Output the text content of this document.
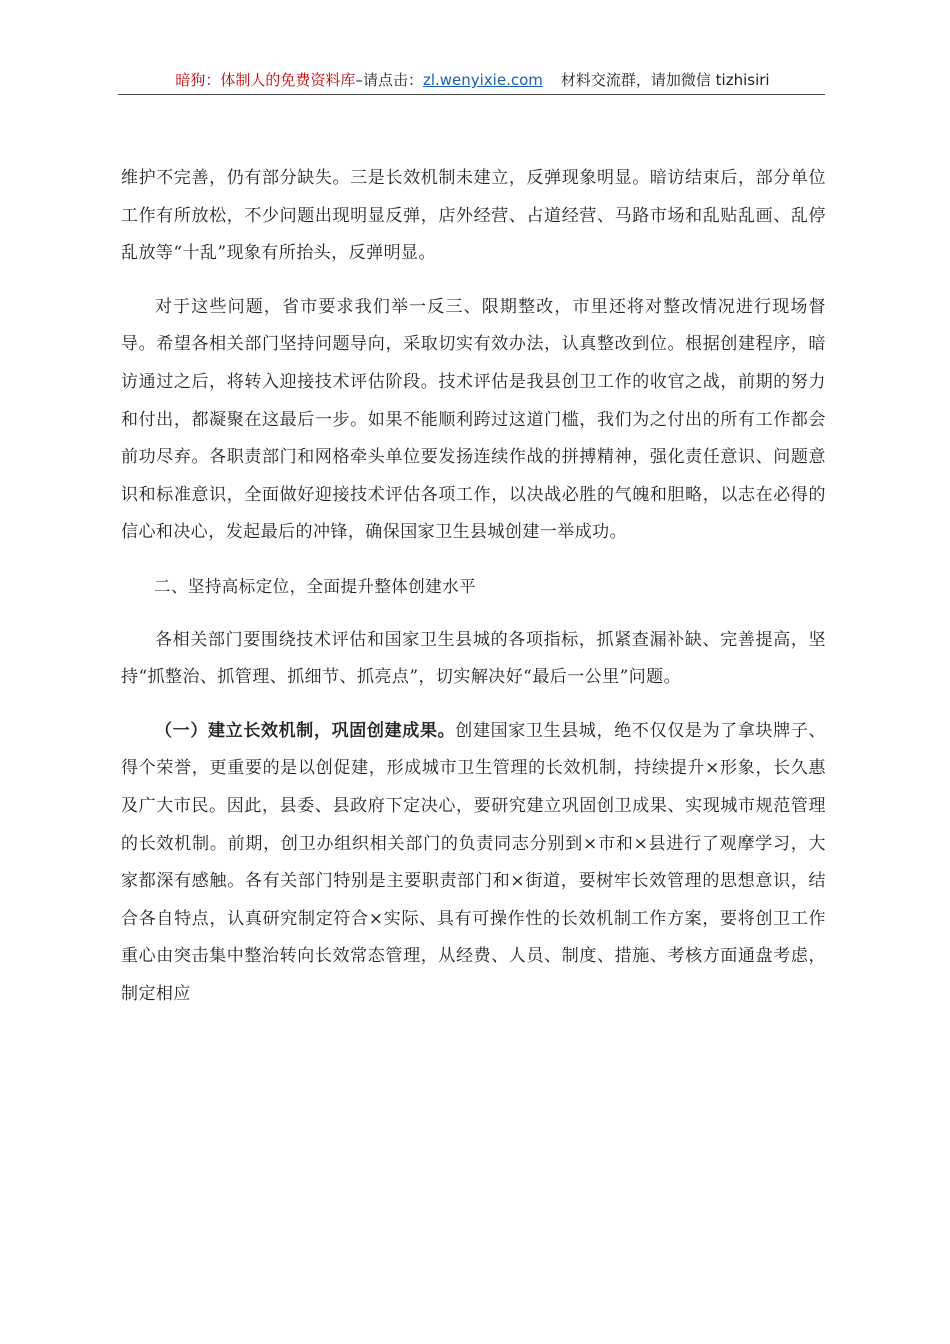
暗狗：体制人的免费资料库–请点击：zl.wenyixie.com 材料交流群，请加微信 tizhisiri

维护不完善，仍有部分缺失。三是长效机制未建立，反弹现象明显。暗访结束后，部分单位工作有所放松，不少问题出现明显反弹，店外经营、占道经营、马路市场和乱贴乱画、乱停乱放等“十乱”现象有所抬头，反弹明显。

对于这些问题，省市要求我们举一反三、限期整改，市里还将对整改情况进行现场督导。希望各相关部门坚持问题导向，采取切实有效办法，认真整改到位。根据创建程序，暗访通过之后，将转入迎接技术评估阶段。技术评估是我县创卫工作的收官之战，前期的努力和付出，都凝聚在这最后一步。如果不能顺利跨过这道门槛，我们为之付出的所有工作都会前功尽弃。各职责部门和网格牵头单位要发扬连续作战的拼搏精神，强化责任意识、问题意识和标准意识，全面做好迎接技术评估各项工作，以决战必胜的气魄和胆略，以志在必得的信心和决心，发起最后的冲锋，确保国家卫生县城创建一举成功。

二、坚持高标定位，全面提升整体创建水平

各相关部门要围绕技术评估和国家卫生县城的各项指标，抓紧查漏补缺、完善提高，坚持“抓整治、抓管理、抓细节、抓亮点”，切实解决好“最后一公里”问题。

（一）建立长效机制，巩固创建成果。创建国家卫生县城，绝不仅仅是为了拿块牌子、得个荣誉，更重要的是以创促建，形成城市卫生管理的长效机制，持续提升×形象，长久惠及广大市民。因此，县委、县政府下定决心，要研究建立巩固创卫成果、实现城市规范管理的长效机制。前期，创卫办组织相关部门的负责同志分别到×市和×县进行了观摩学习，大家都深有感触。各有关部门特别是主要职责部门和×街道，要树牢长效管理的思想意识，结合各自特点，认真研究制定符合×实际、具有可操作性的长效机制工作方案，要将创卫工作重心由突击集中整治转向长效常态管理，从经费、人员、制度、措施、考核方面通盘考虑，制定相应
